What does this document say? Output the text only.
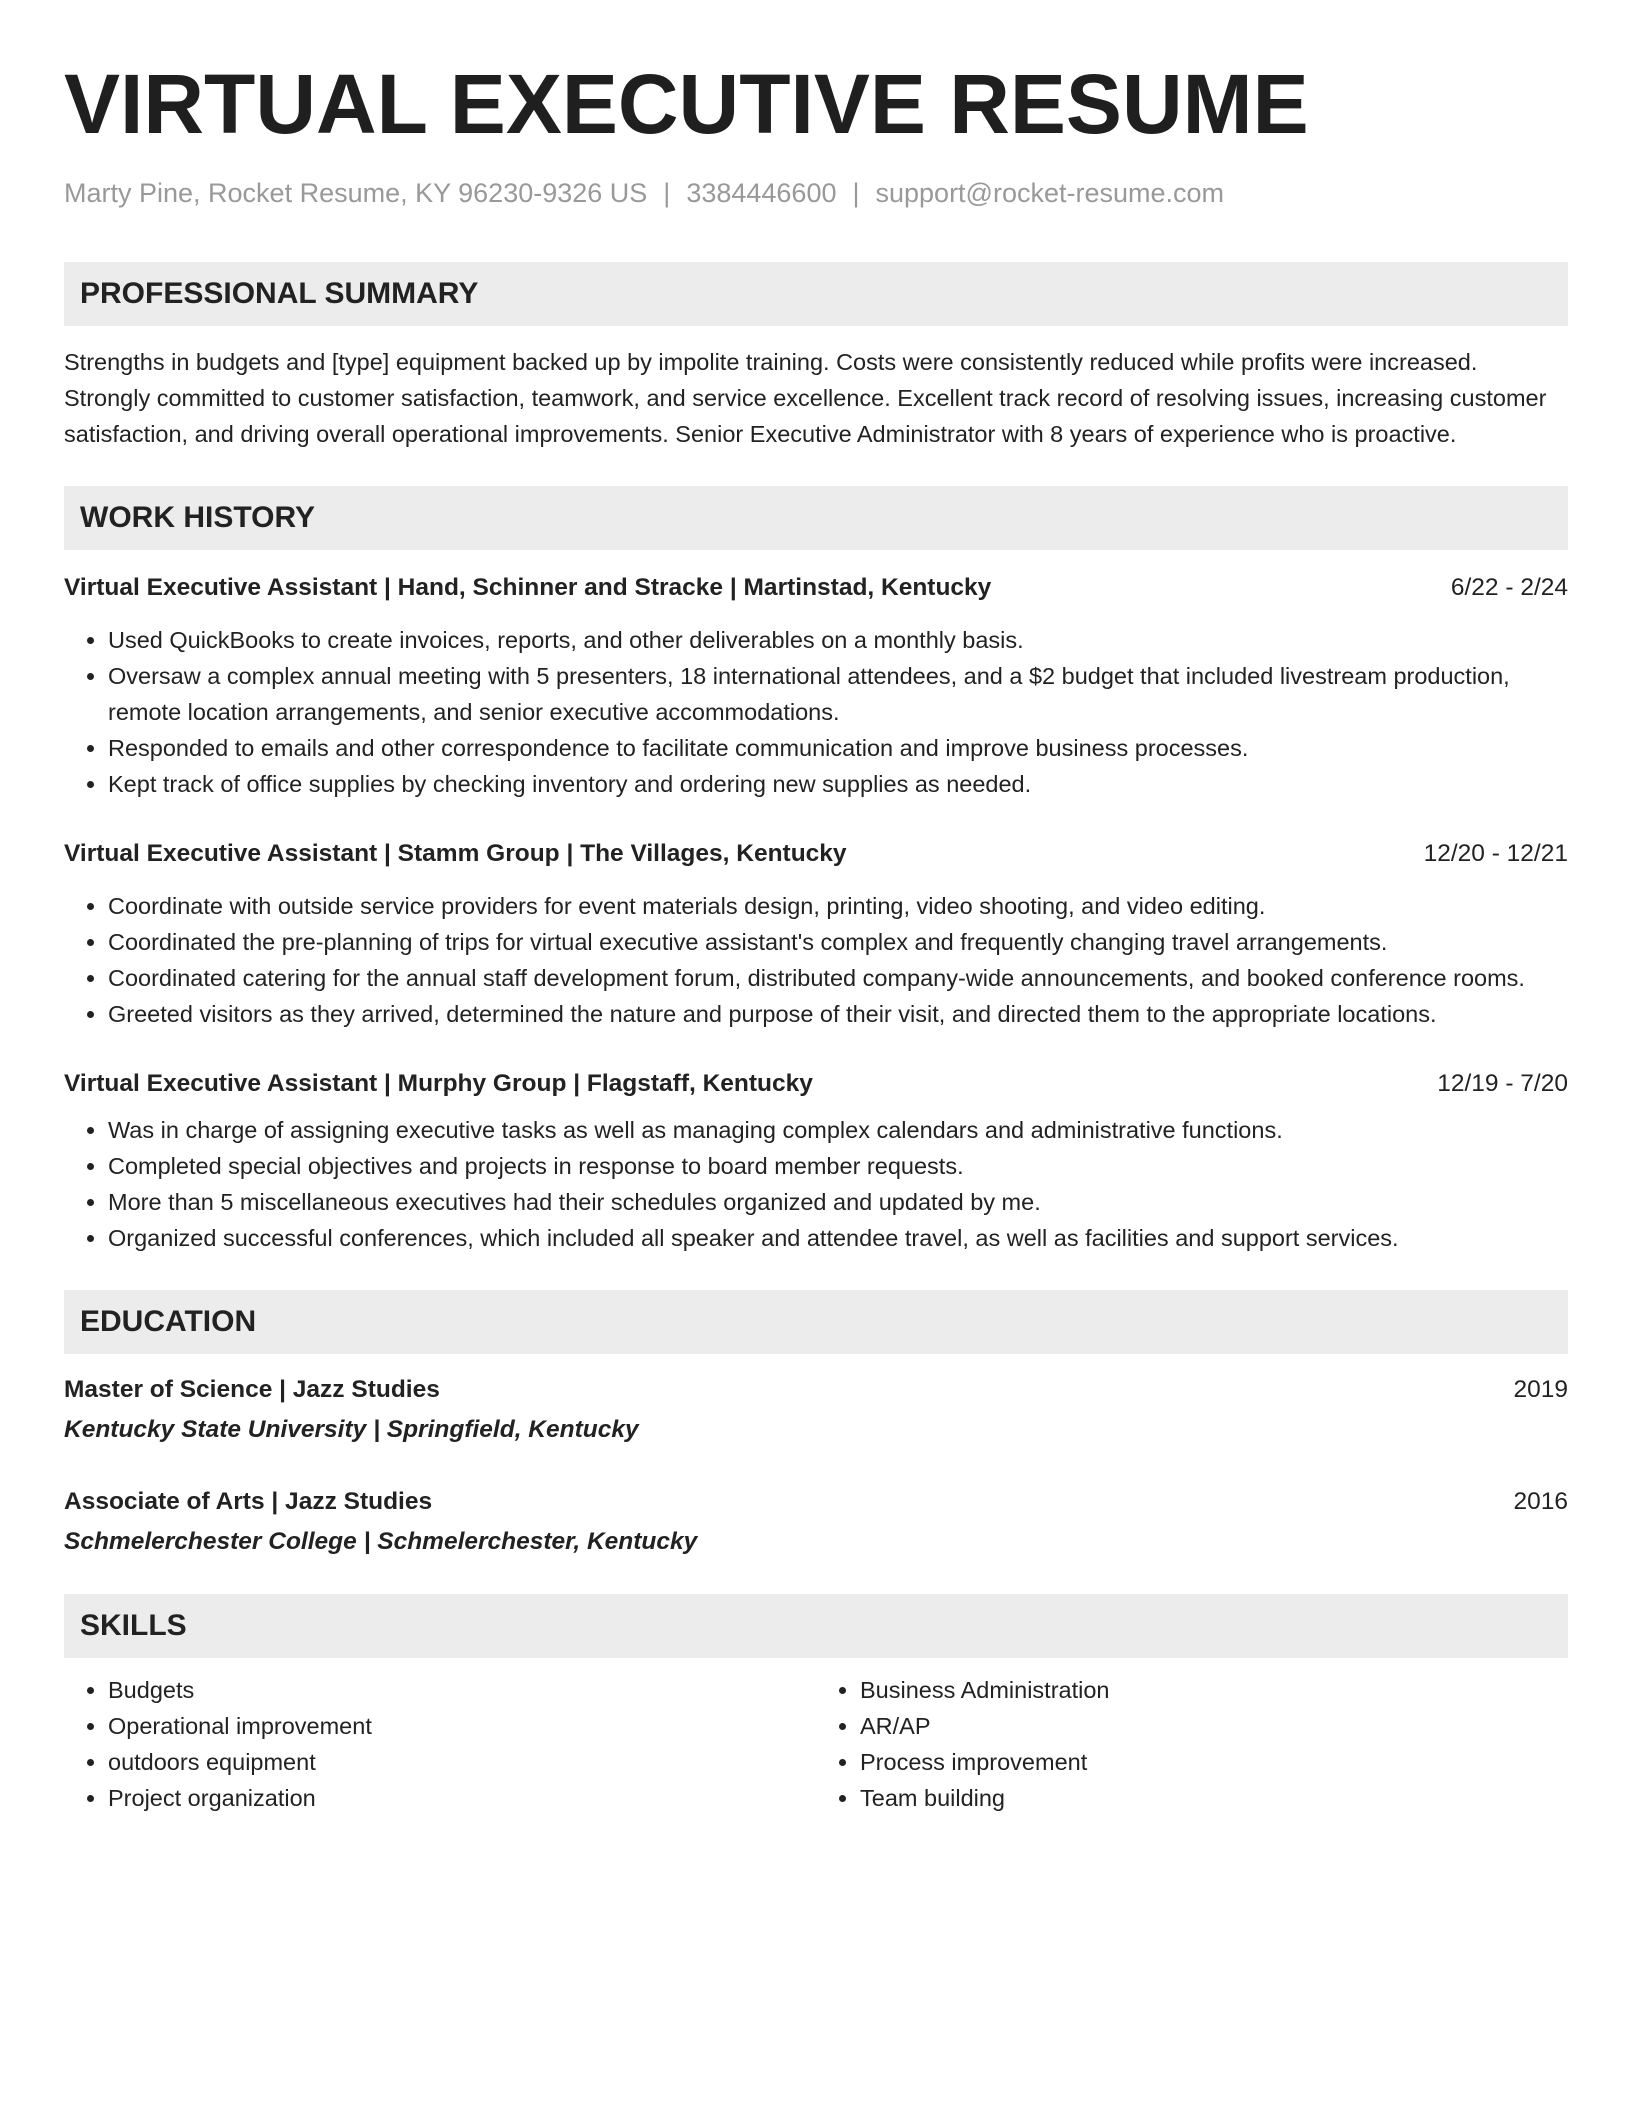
VIRTUAL EXECUTIVE RESUME
Marty Pine, Rocket Resume, KY 96230-9326 US | 3384446600 | support@rocket-resume.com
PROFESSIONAL SUMMARY
Strengths in budgets and [type] equipment backed up by impolite training. Costs were consistently reduced while profits were increased. Strongly committed to customer satisfaction, teamwork, and service excellence. Excellent track record of resolving issues, increasing customer satisfaction, and driving overall operational improvements. Senior Executive Administrator with 8 years of experience who is proactive.
WORK HISTORY
Virtual Executive Assistant | Hand, Schinner and Stracke | Martinstad, Kentucky	6/22 - 2/24
• Used QuickBooks to create invoices, reports, and other deliverables on a monthly basis.
• Oversaw a complex annual meeting with 5 presenters, 18 international attendees, and a $2 budget that included livestream production, remote location arrangements, and senior executive accommodations.
• Responded to emails and other correspondence to facilitate communication and improve business processes.
• Kept track of office supplies by checking inventory and ordering new supplies as needed.
Virtual Executive Assistant | Stamm Group | The Villages, Kentucky	12/20 - 12/21
• Coordinate with outside service providers for event materials design, printing, video shooting, and video editing.
• Coordinated the pre-planning of trips for virtual executive assistant's complex and frequently changing travel arrangements.
• Coordinated catering for the annual staff development forum, distributed company-wide announcements, and booked conference rooms.
• Greeted visitors as they arrived, determined the nature and purpose of their visit, and directed them to the appropriate locations.
Virtual Executive Assistant | Murphy Group | Flagstaff, Kentucky	12/19 - 7/20
• Was in charge of assigning executive tasks as well as managing complex calendars and administrative functions.
• Completed special objectives and projects in response to board member requests.
• More than 5 miscellaneous executives had their schedules organized and updated by me.
• Organized successful conferences, which included all speaker and attendee travel, as well as facilities and support services.
EDUCATION
Master of Science | Jazz Studies	2019
Kentucky State University | Springfield, Kentucky
Associate of Arts | Jazz Studies	2016
Schmelerchester College | Schmelerchester, Kentucky
SKILLS
• Budgets
• Operational improvement
• outdoors equipment
• Project organization
• Business Administration
• AR/AP
• Process improvement
• Team building
